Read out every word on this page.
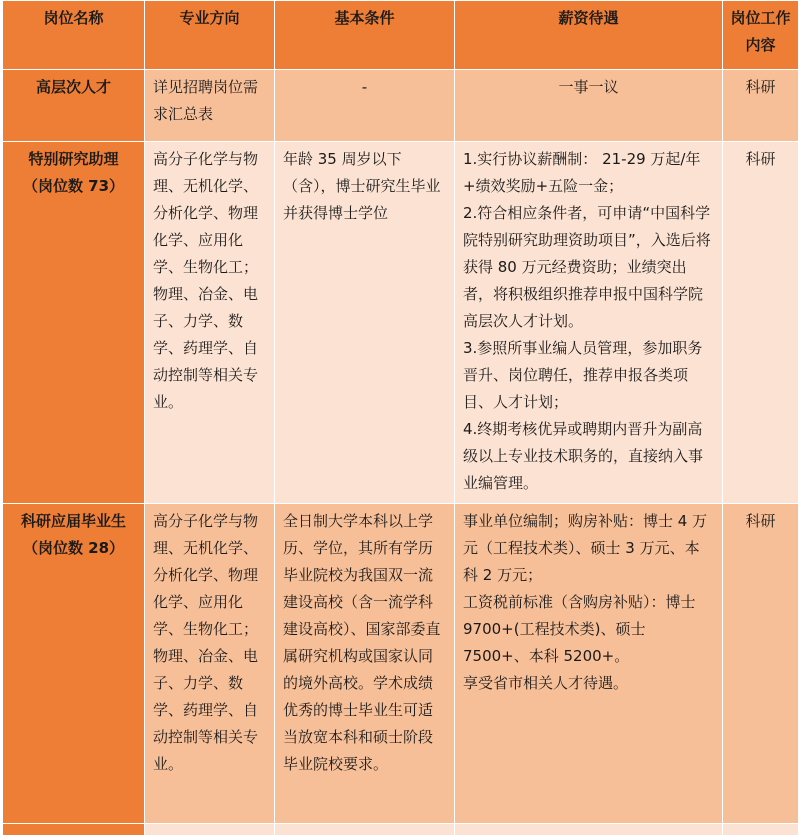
岗位名称	专业方向	基本条件	薪资待遇	岗位工作内容

高层次人才	详见招聘岗位需求汇总表	-	一事一议	科研

特别研究助理
（岗位数 73）	高分子化学与物理、无机化学、分析化学、物理化学、应用化学、生物化工；物理、冶金、电子、力学、数学、药理学、自动控制等相关专业。	年龄 35 周岁以下（含），博士研究生毕业并获得博士学位	1.实行协议薪酬制： 21-29 万起/年+绩效奖励+五险一金；
2.符合相应条件者，可申请“中国科学院特别研究助理资助项目”，入选后将获得 80 万元经费资助；业绩突出者，将积极组织推荐申报中国科学院高层次人才计划。
3.参照所事业编人员管理，参加职务晋升、岗位聘任，推荐申报各类项目、人才计划；
4.终期考核优异或聘期内晋升为副高级以上专业技术职务的，直接纳入事业编管理。	科研

科研应届毕业生
（岗位数 28）	高分子化学与物理、无机化学、分析化学、物理化学、应用化学、生物化工；物理、冶金、电子、力学、数学、药理学、自动控制等相关专业。	全日制大学本科以上学历、学位，其所有学历毕业院校为我国双一流建设高校（含一流学科建设高校）、国家部委直属研究机构或国家认同的境外高校。学术成绩优秀的博士毕业生可适当放宽本科和硕士阶段毕业院校要求。	事业单位编制；购房补贴：博士 4 万元（工程技术类）、硕士 3 万元、本科 2 万元；
工资税前标准（含购房补贴）：博士 9700+(工程技术类)、硕士 7500+、本科 5200+。
享受省市相关人才待遇。	科研
